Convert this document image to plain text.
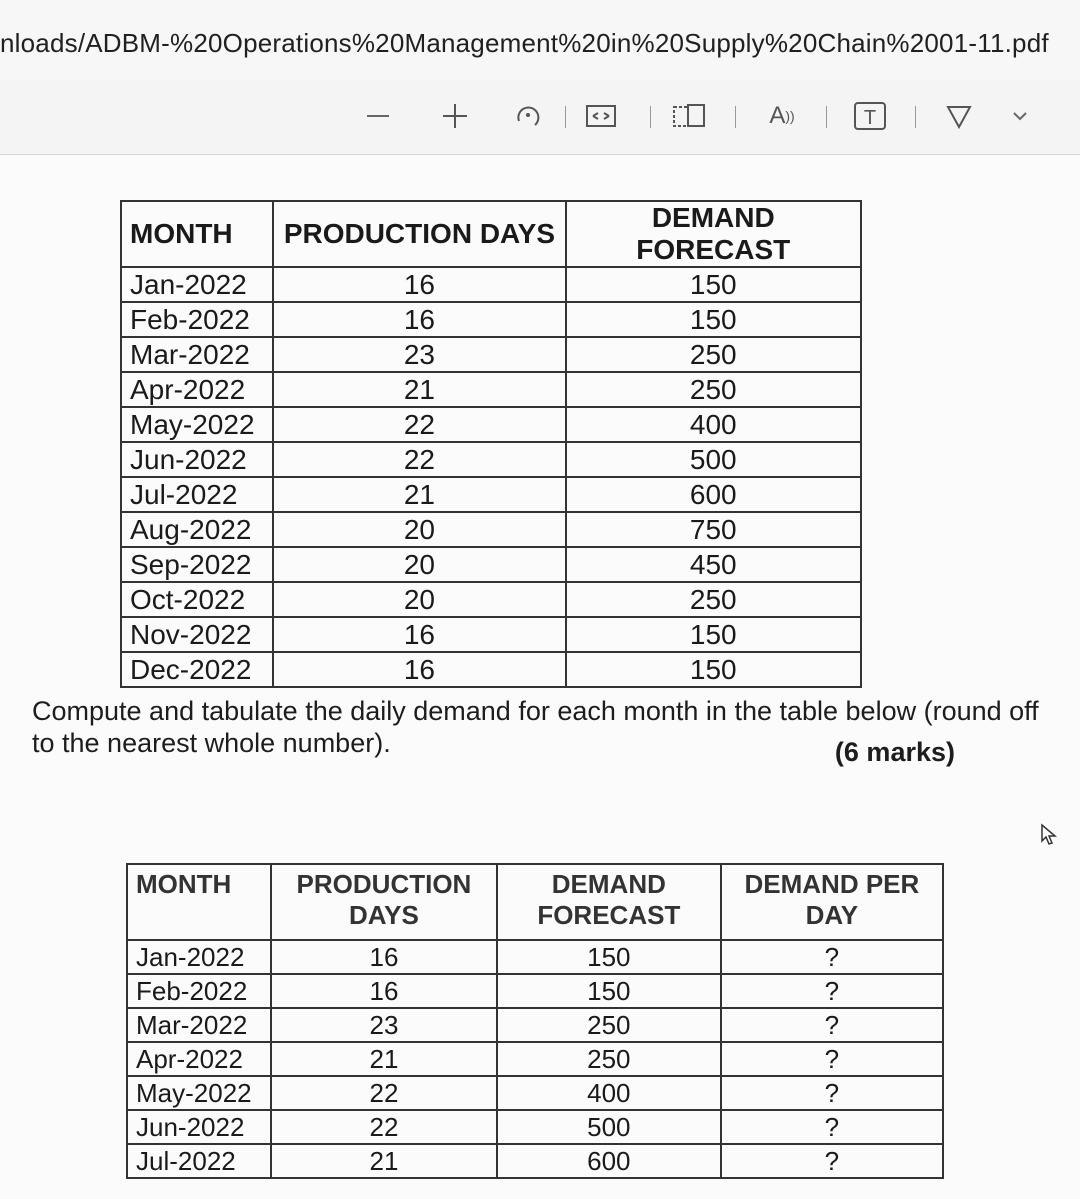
nloads/ADBM-%20Operations%20Management%20in%20Supply%20Chain%2001-11.pdf
A ))	T
MONTH	PRODUCTION DAYS	DEMAND FORECAST
Jan-2022	16	150
Feb-2022	16	150
Mar-2022	23	250
Apr-2022	21	250
May-2022	22	400
Jun-2022	22	500
Jul-2022	21	600
Aug-2022	20	750
Sep-2022	20	450
Oct-2022	20	250
Nov-2022	16	150
Dec-2022	16	150
Compute and tabulate the daily demand for each month in the table below (round off to the nearest whole number).	(6 marks)
MONTH	PRODUCTION DAYS	DEMAND FORECAST	DEMAND PER DAY
Jan-2022	16	150	?
Feb-2022	16	150	?
Mar-2022	23	250	?
Apr-2022	21	250	?
May-2022	22	400	?
Jun-2022	22	500	?
Jul-2022	21	600	?
